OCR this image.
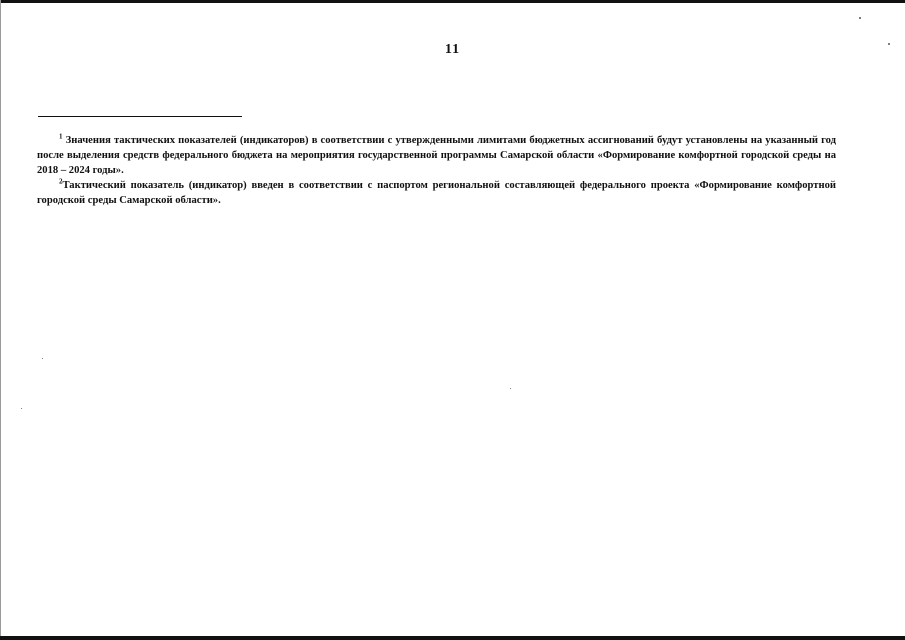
11

$^1$ Значения тактических показателей (индикаторов) в соответствии с утвержденными лимитами бюджетных ассигнований будут установлены на указанный год после выделения средств федерального бюджета на мероприятия государственной программы Самарской области «Формирование комфортной городской среды на 2018 – 2024 годы».

$^2$Тактический показатель (индикатор) введен в соответствии с паспортом региональной составляющей федерального проекта «Формирование комфортной городской среды Самарской области».
